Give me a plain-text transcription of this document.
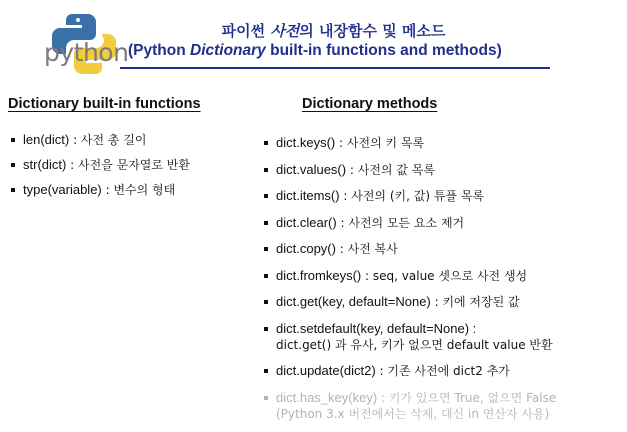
python
파이썬 사전의 내장함수 및 메소드
(Python Dictionary built-in functions and methods)
Dictionary built-in functions	Dictionary methods
len(dict) : 사전 총 길이
str(dict) : 사전을 문자열로 반환
type(variable) : 변수의 형태
dict.keys() : 사전의 키 목록
dict.values() : 사전의 값 목록
dict.items() : 사전의 (키, 값) 튜플 목록
dict.clear() : 사전의 모든 요소 제거
dict.copy() : 사전 복사
dict.fromkeys() : seq, value 셋으로 사전 생성
dict.get(key, default=None) : 키에 저장된 값
dict.setdefault(key, default=None) :
dict.get() 과 유사, 키가 없으면 default value 반환
dict.update(dict2) : 기존 사전에 dict2 추가
dict.has_key(key) : 키가 있으면 True, 없으면 False
(Python 3.x 버전에서는 삭제, 대신 in 연산자 사용)
